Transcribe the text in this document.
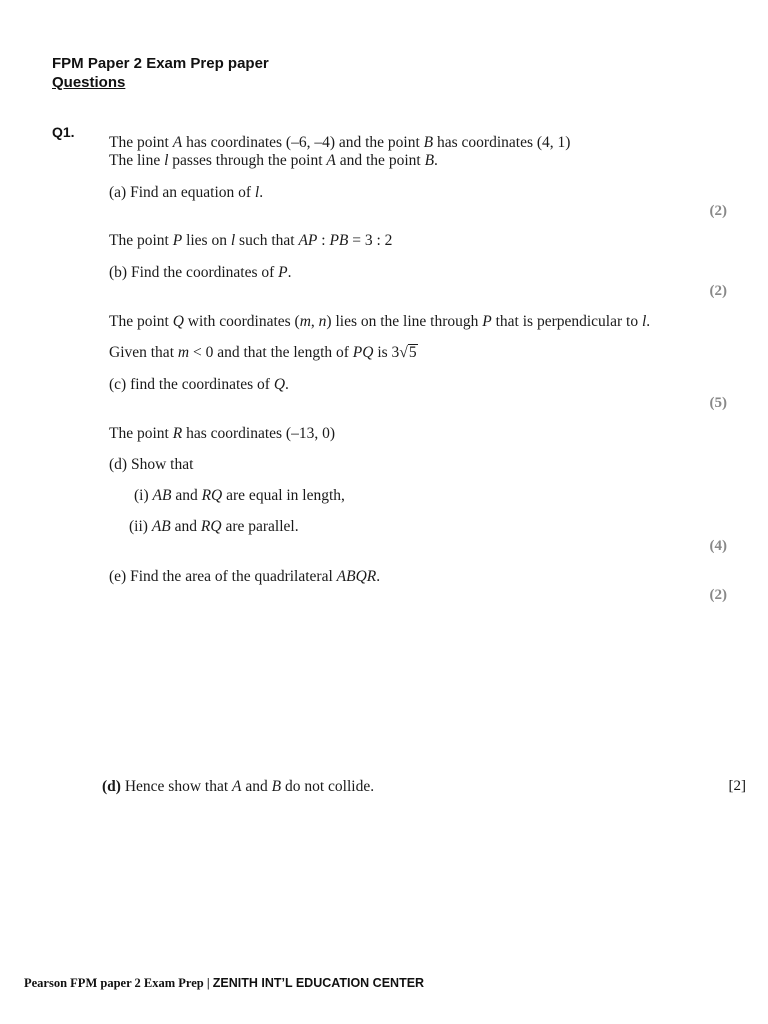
FPM Paper 2 Exam Prep paper
Questions
Q1.
The point A has coordinates (–6, –4) and the point B has coordinates (4, 1)
The line l passes through the point A and the point B.
(a) Find an equation of l.
(2)
The point P lies on l such that AP : PB = 3 : 2
(b) Find the coordinates of P.
(2)
The point Q with coordinates (m, n) lies on the line through P that is perpendicular to l.
Given that m < 0 and that the length of PQ is 3√5
(c) find the coordinates of Q.
(5)
The point R has coordinates (–13, 0)
(d) Show that
(i) AB and RQ are equal in length,
(ii) AB and RQ are parallel.
(4)
(e) Find the area of the quadrilateral ABQR.
(2)
(d) Hence show that A and B do not collide.	[2]
Pearson FPM paper 2 Exam Prep | ZENITH INT’L EDUCATION CENTER
